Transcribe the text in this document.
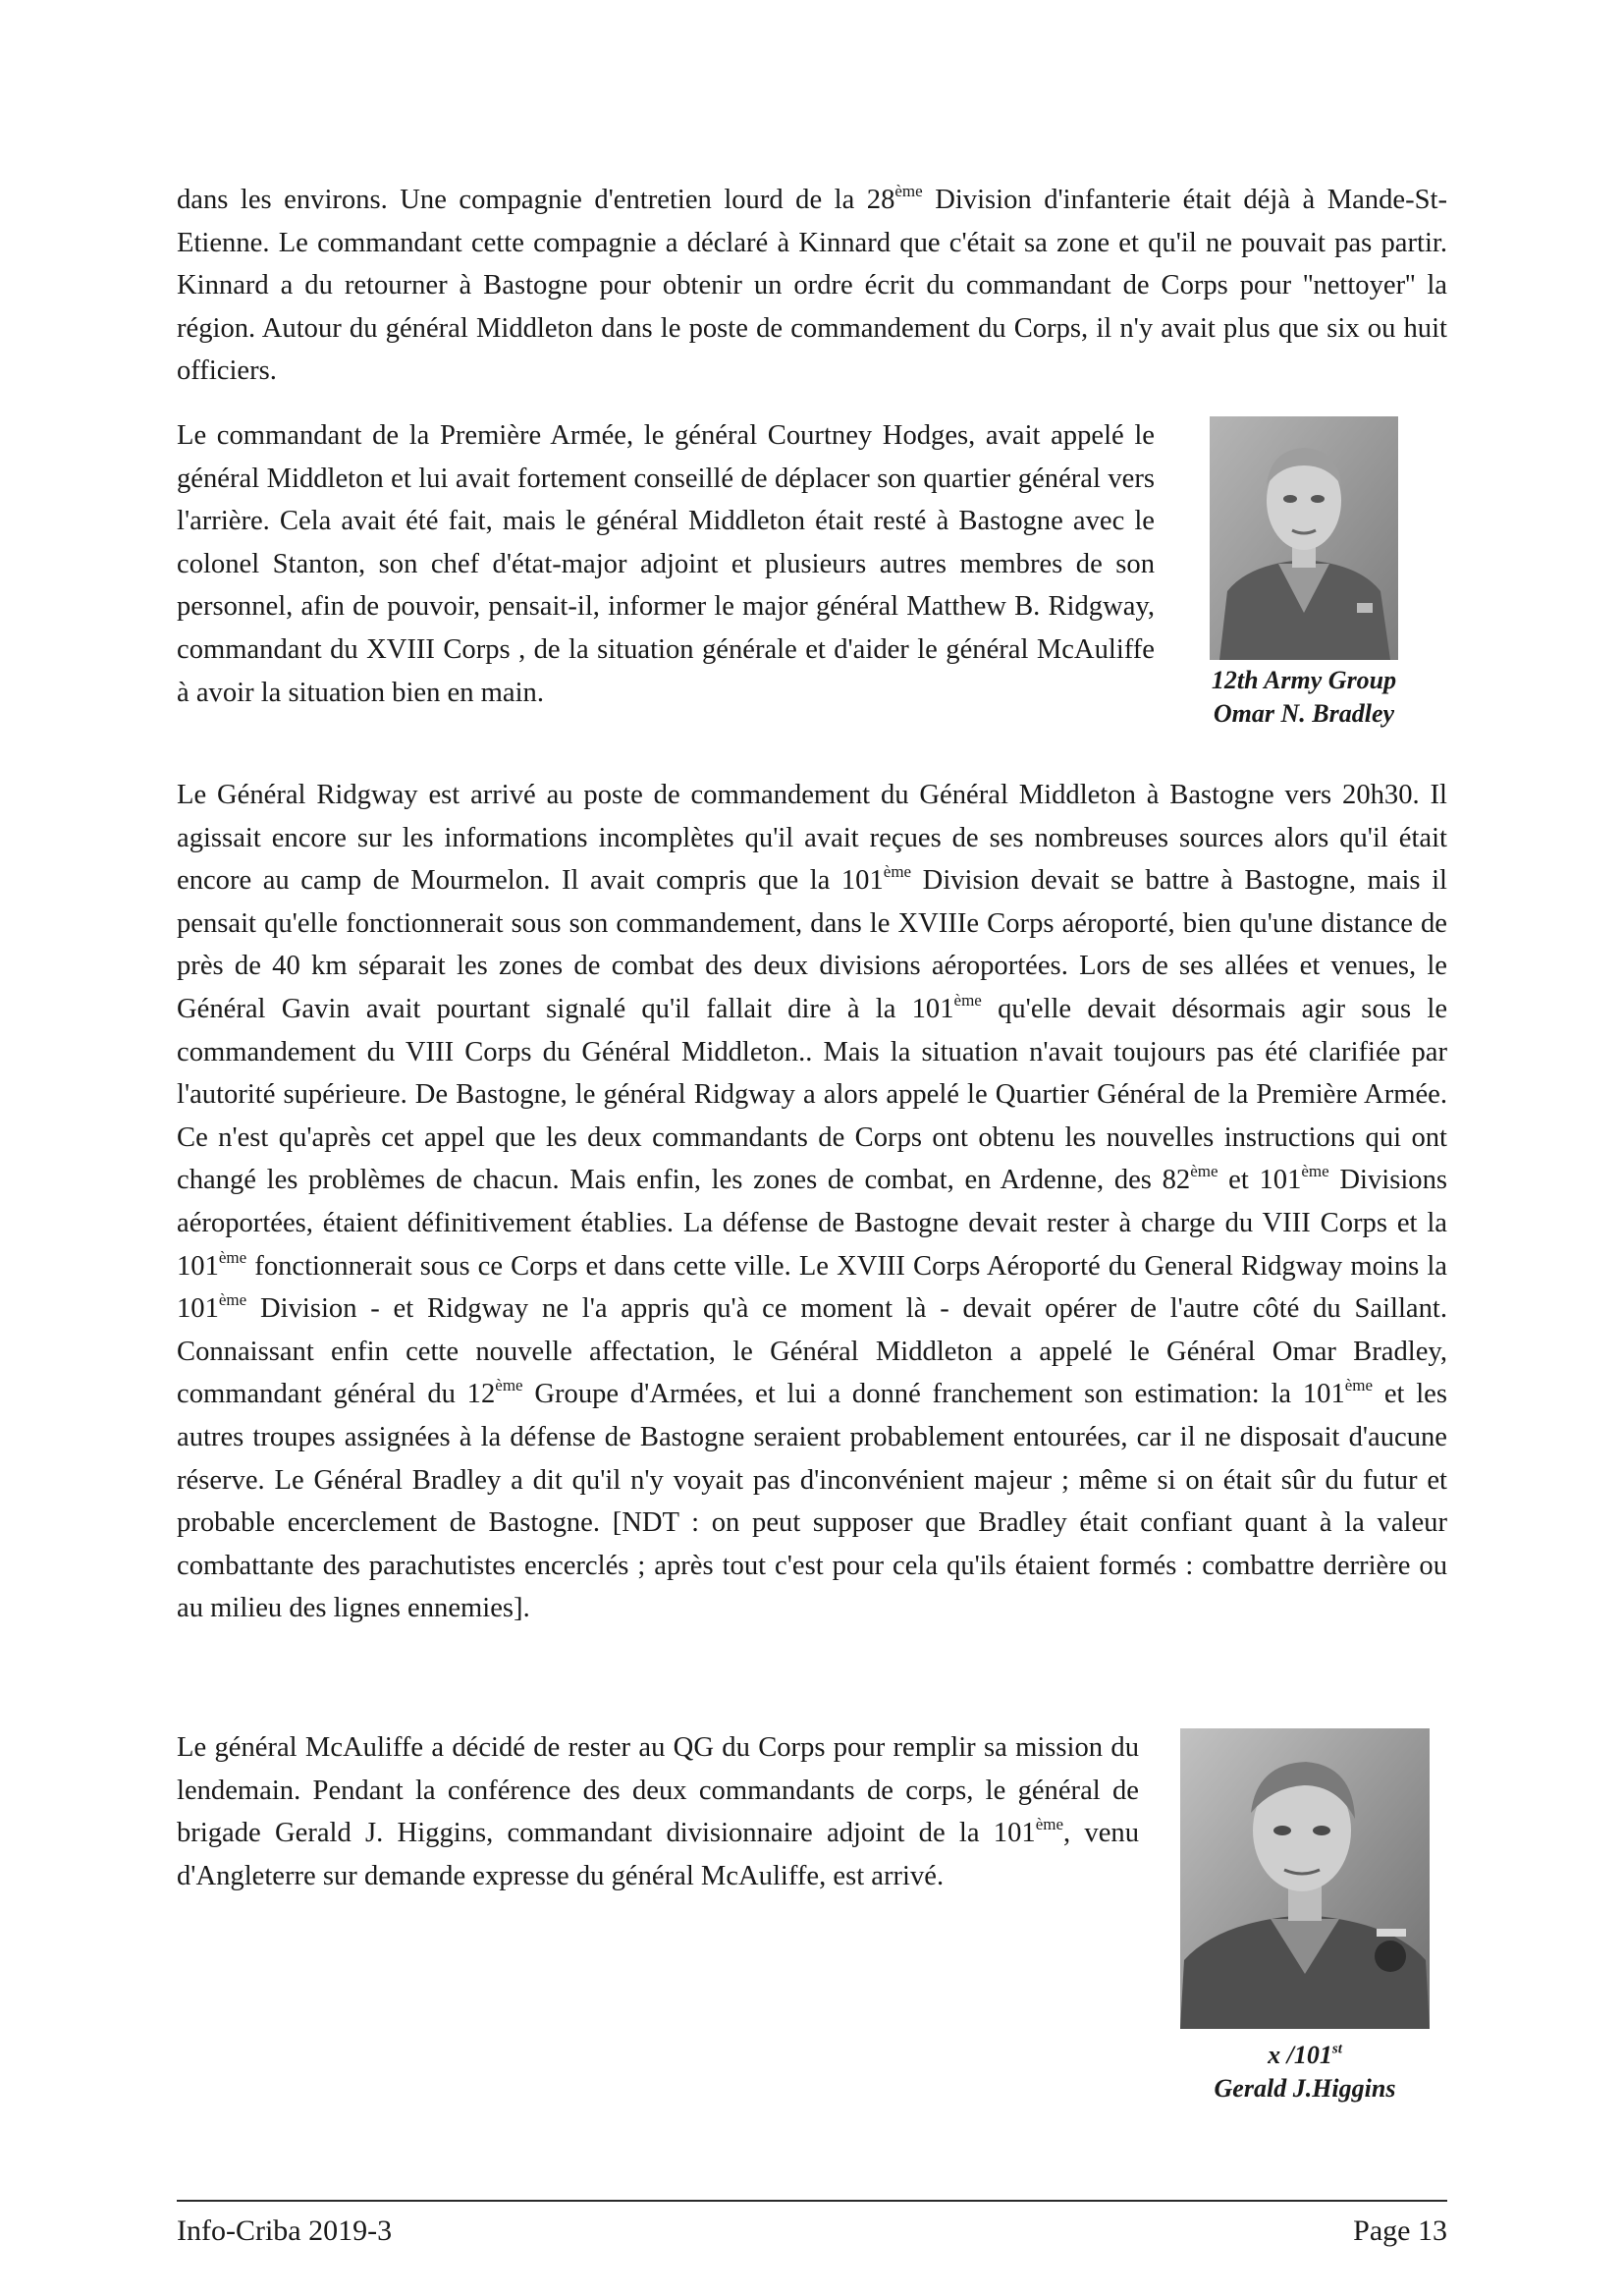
dans les environs. Une compagnie d'entretien lourd de la 28ème Division d'infanterie était déjà à Mande-St-Etienne. Le commandant cette compagnie a déclaré à Kinnard que c'était sa zone et qu'il ne pouvait pas partir. Kinnard a du retourner à Bastogne pour obtenir un ordre écrit du commandant de Corps pour ''nettoyer'' la région. Autour du général Middleton dans le poste de commandement du Corps, il n'y avait plus que six ou huit officiers.

Le commandant de la Première Armée, le général Courtney Hodges, avait appelé le général Middleton et lui avait fortement conseillé de déplacer son quartier général vers l'arrière. Cela avait été fait, mais le général Middleton était resté à Bastogne avec le colonel Stanton, son chef d'état-major adjoint et plusieurs autres membres de son personnel, afin de pouvoir, pensait-il, informer le major général Matthew B. Ridgway, commandant du XVIII Corps , de la situation générale et d'aider le général McAuliffe à avoir la situation bien en main.	12th Army Group
Omar N. Bradley

Le Général Ridgway est arrivé au poste de commandement du Général Middleton à Bastogne vers 20h30. Il agissait encore sur les informations incomplètes qu'il avait reçues de ses nombreuses sources alors qu'il était encore au camp de Mourmelon. Il avait compris que la 101ème Division devait se battre à Bastogne, mais il pensait qu'elle fonctionnerait sous son commandement, dans le XVIIIe Corps aéroporté, bien qu'une distance de près de 40 km séparait les zones de combat des deux divisions aéroportées. Lors de ses allées et venues, le Général Gavin avait pourtant signalé qu'il fallait dire à la 101ème qu'elle devait désormais agir sous le commandement du VIII Corps du Général Middleton.. Mais la situation n'avait toujours pas été clarifiée par l'autorité supérieure. De Bastogne, le général Ridgway a alors appelé le Quartier Général de la Première Armée. Ce n'est qu'après cet appel que les deux commandants de Corps ont obtenu les nouvelles instructions qui ont changé les problèmes de chacun. Mais enfin, les zones de combat, en Ardenne, des 82ème et 101ème Divisions aéroportées, étaient définitivement établies. La défense de Bastogne devait rester à charge du VIII Corps et la 101ème fonctionnerait sous ce Corps et dans cette ville. Le XVIII Corps Aéroporté du General Ridgway moins la 101ème Division - et Ridgway ne l'a appris qu'à ce moment là - devait opérer de l'autre côté du Saillant. Connaissant enfin cette nouvelle affectation, le Général Middleton a appelé le Général Omar Bradley, commandant général du 12ème Groupe d'Armées, et lui a donné franchement son estimation: la 101ème et les autres troupes assignées à la défense de Bastogne seraient probablement entourées, car il ne disposait d'aucune réserve. Le Général Bradley a dit qu'il n'y voyait pas d'inconvénient majeur ; même si on était sûr du futur et probable encerclement de Bastogne. [NDT : on peut supposer que Bradley était confiant quant à la valeur combattante des parachutistes encerclés ; après tout c'est pour cela qu'ils étaient formés : combattre derrière ou au milieu des lignes ennemies].

Le général McAuliffe a décidé de rester au QG du Corps pour remplir sa mission du lendemain. Pendant la conférence des deux commandants de corps, le général de brigade Gerald J. Higgins, commandant divisionnaire adjoint de la 101ème, venu d'Angleterre sur demande expresse du général McAuliffe, est arrivé.

x /101st
Gerald J.Higgins

Info-Criba 2019-3	Page 13
